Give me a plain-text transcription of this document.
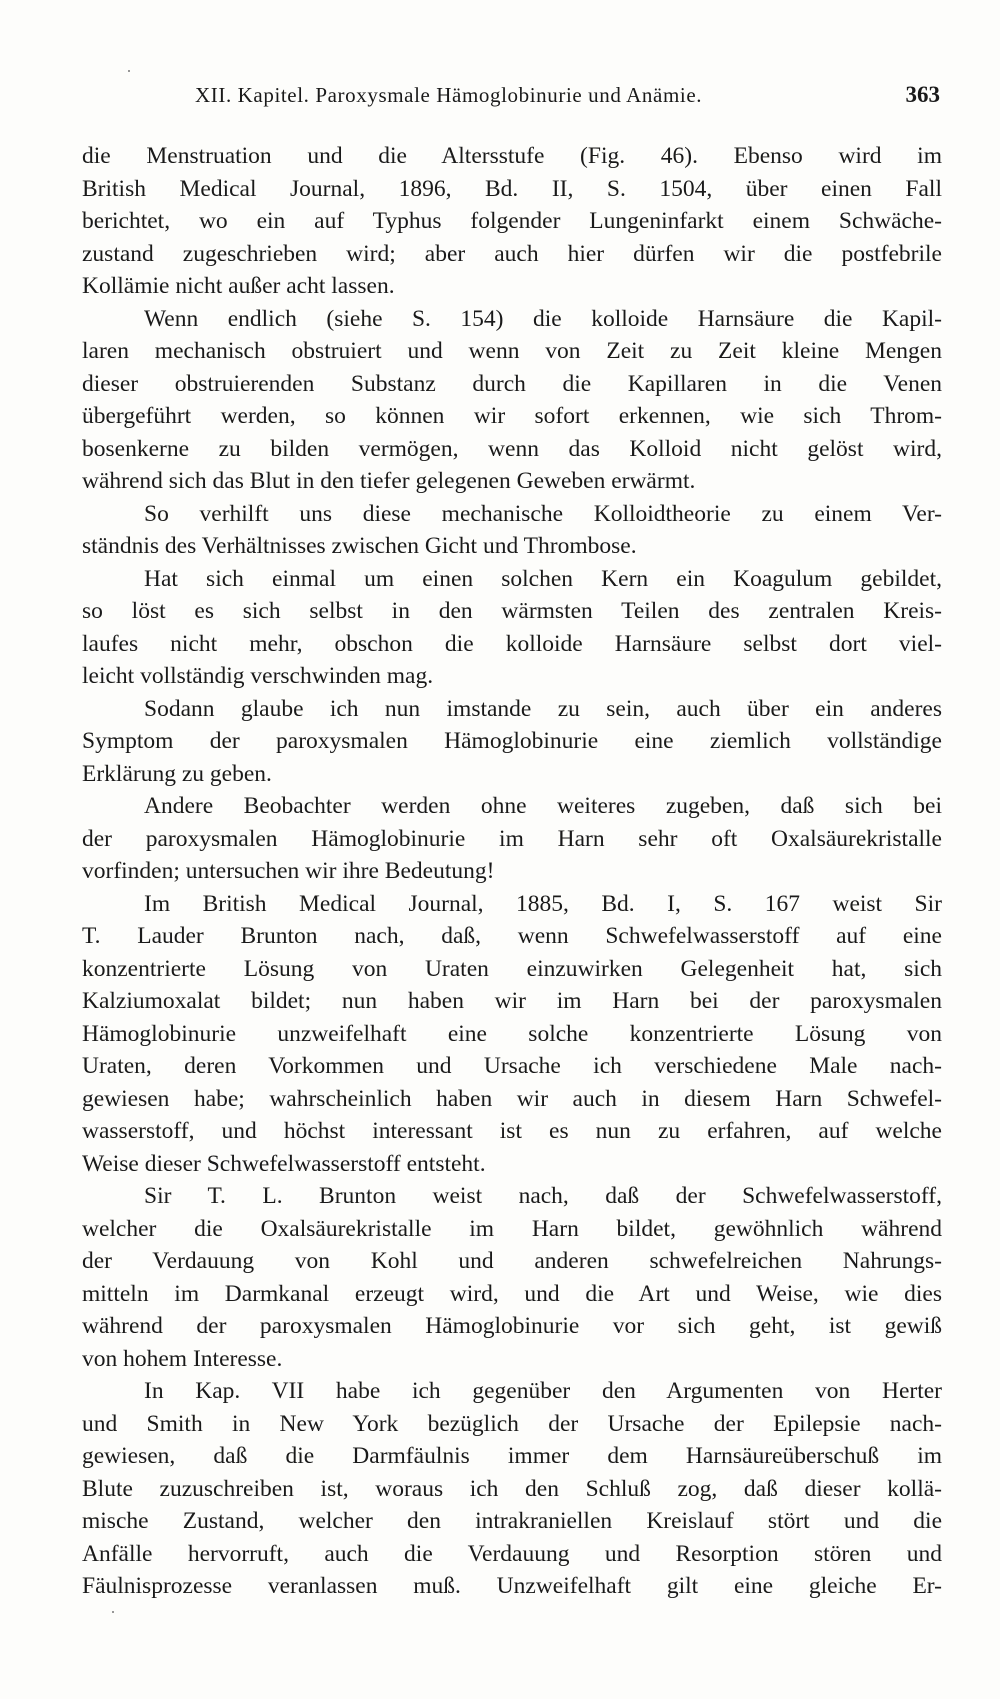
XII. Kapitel. Paroxysmale Hämoglobinurie und Anämie.	363
die Menstruation und die Altersstufe (Fig. 46). Ebenso wird im
British Medical Journal, 1896, Bd. II, S. 1504, über einen Fall
berichtet, wo ein auf Typhus folgender Lungeninfarkt einem Schwäche-
zustand zugeschrieben wird; aber auch hier dürfen wir die postfebrile
Kollämie nicht außer acht lassen.
Wenn endlich (siehe S. 154) die kolloide Harnsäure die Kapil-
laren mechanisch obstruiert und wenn von Zeit zu Zeit kleine Mengen
dieser obstruierenden Substanz durch die Kapillaren in die Venen
übergeführt werden, so können wir sofort erkennen, wie sich Throm-
bosenkerne zu bilden vermögen, wenn das Kolloid nicht gelöst wird,
während sich das Blut in den tiefer gelegenen Geweben erwärmt.
So verhilft uns diese mechanische Kolloidtheorie zu einem Ver-
ständnis des Verhältnisses zwischen Gicht und Thrombose.
Hat sich einmal um einen solchen Kern ein Koagulum gebildet,
so löst es sich selbst in den wärmsten Teilen des zentralen Kreis-
laufes nicht mehr, obschon die kolloide Harnsäure selbst dort viel-
leicht vollständig verschwinden mag.
Sodann glaube ich nun imstande zu sein, auch über ein anderes
Symptom der paroxysmalen Hämoglobinurie eine ziemlich vollständige
Erklärung zu geben.
Andere Beobachter werden ohne weiteres zugeben, daß sich bei
der paroxysmalen Hämoglobinurie im Harn sehr oft Oxalsäurekristalle
vorfinden; untersuchen wir ihre Bedeutung!
Im British Medical Journal, 1885, Bd. I, S. 167 weist Sir
T. Lauder Brunton nach, daß, wenn Schwefelwasserstoff auf eine
konzentrierte Lösung von Uraten einzuwirken Gelegenheit hat, sich
Kalziumoxalat bildet; nun haben wir im Harn bei der paroxysmalen
Hämoglobinurie unzweifelhaft eine solche konzentrierte Lösung von
Uraten, deren Vorkommen und Ursache ich verschiedene Male nach-
gewiesen habe; wahrscheinlich haben wir auch in diesem Harn Schwefel-
wasserstoff, und höchst interessant ist es nun zu erfahren, auf welche
Weise dieser Schwefelwasserstoff entsteht.
Sir T. L. Brunton weist nach, daß der Schwefelwasserstoff,
welcher die Oxalsäurekristalle im Harn bildet, gewöhnlich während
der Verdauung von Kohl und anderen schwefelreichen Nahrungs-
mitteln im Darmkanal erzeugt wird, und die Art und Weise, wie dies
während der paroxysmalen Hämoglobinurie vor sich geht, ist gewiß
von hohem Interesse.
In Kap. VII habe ich gegenüber den Argumenten von Herter
und Smith in New York bezüglich der Ursache der Epilepsie nach-
gewiesen, daß die Darmfäulnis immer dem Harnsäureüberschuß im
Blute zuzuschreiben ist, woraus ich den Schluß zog, daß dieser kollä-
mische Zustand, welcher den intrakraniellen Kreislauf stört und die
Anfälle hervorruft, auch die Verdauung und Resorption stören und
Fäulnisprozesse veranlassen muß. Unzweifelhaft gilt eine gleiche Er-
